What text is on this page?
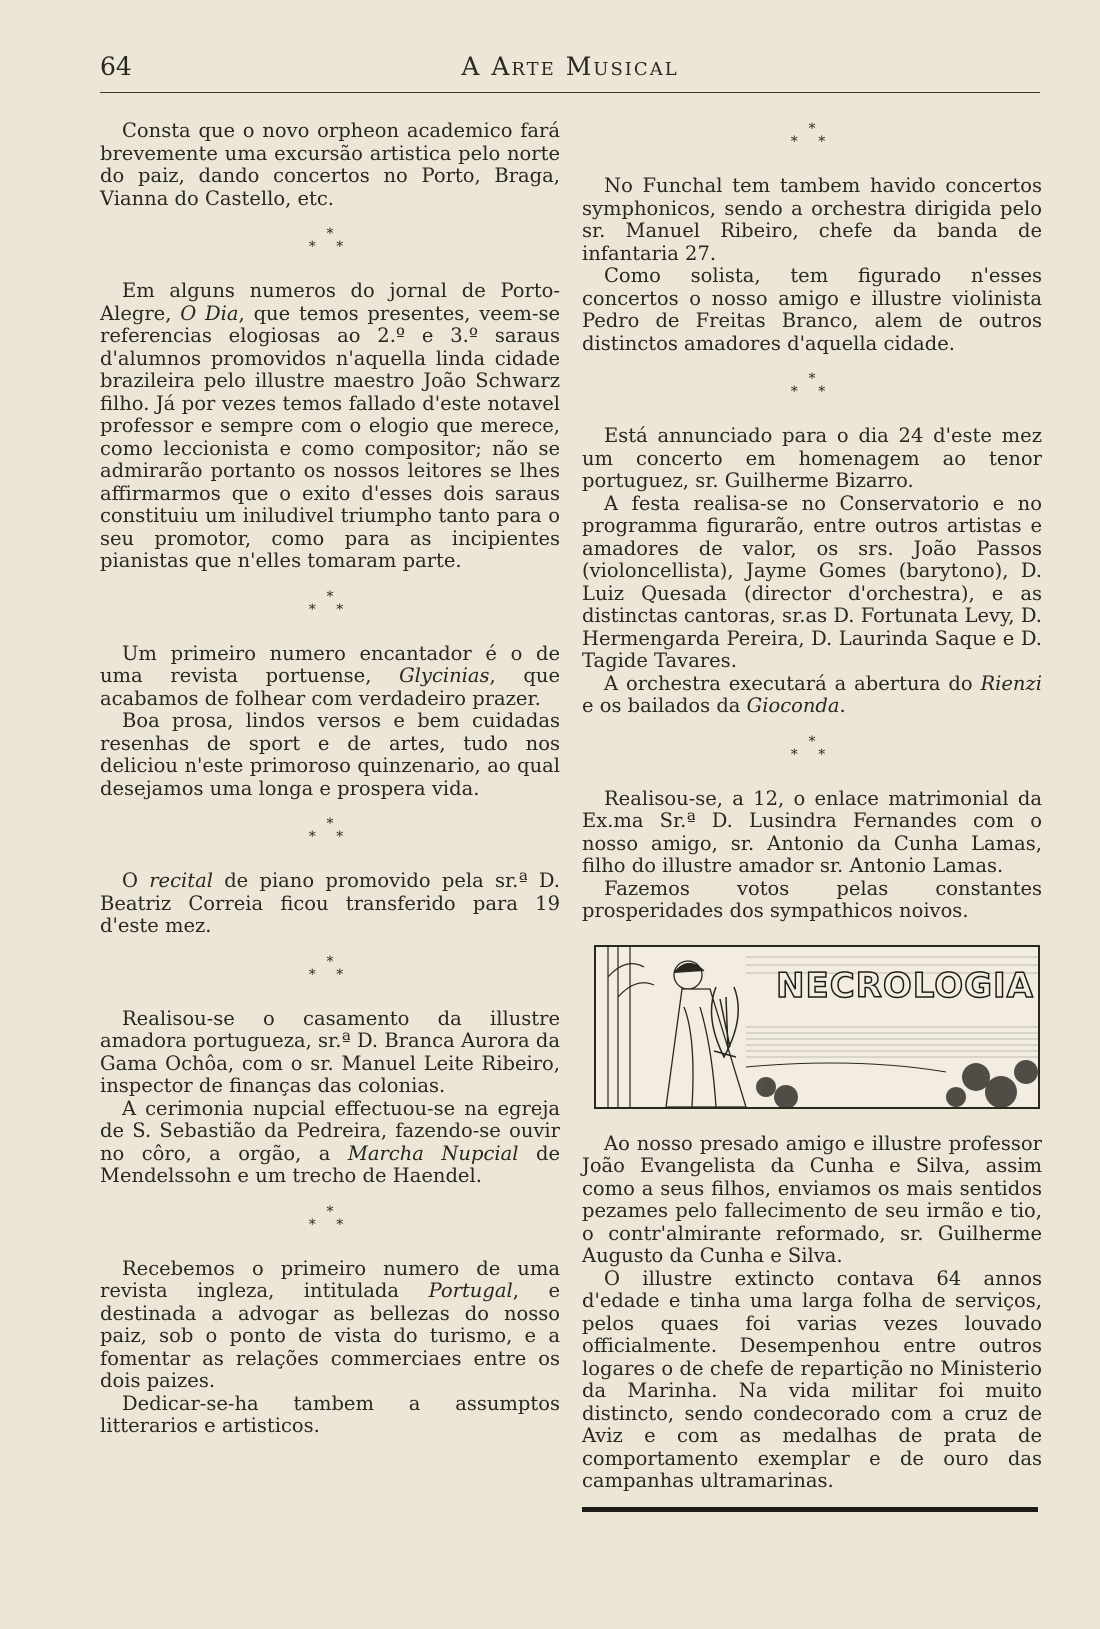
64	A Arte Musical

Consta que o novo orpheon academico fará brevemente uma excursão artistica pelo norte do paiz, dando concertos no Porto, Braga, Vianna do Castello, etc.

*
* *

Em alguns numeros do jornal de Porto-Alegre, O Dia, que temos presentes, veem-se referencias elogiosas ao 2.º e 3.º saraus d'alumnos promovidos n'aquella linda cidade brazileira pelo illustre maestro João Schwarz filho. Já por vezes temos fallado d'este notavel professor e sempre com o elogio que merece, como leccionista e como compositor; não se admirarão portanto os nossos leitores se lhes affirmarmos que o exito d'esses dois saraus constituiu um iniludivel triumpho tanto para o seu promotor, como para as incipientes pianistas que n'elles tomaram parte.

*
* *

Um primeiro numero encantador é o de uma revista portuense, Glycinias, que acabamos de folhear com verdadeiro prazer.

Boa prosa, lindos versos e bem cuidadas resenhas de sport e de artes, tudo nos deliciou n'este primoroso quinzenario, ao qual desejamos uma longa e prospera vida.

*
* *

O recital de piano promovido pela sr.ª D. Beatriz Correia ficou transferido para 19 d'este mez.

*
* *

Realisou-se o casamento da illustre amadora portugueza, sr.ª D. Branca Aurora da Gama Ochôa, com o sr. Manuel Leite Ribeiro, inspector de finanças das colonias.

A cerimonia nupcial effectuou-se na egreja de S. Sebastião da Pedreira, fazendo-se ouvir no côro, a orgão, a Marcha Nupcial de Mendelssohn e um trecho de Haendel.

*
* *

Recebemos o primeiro numero de uma revista ingleza, intitulada Portugal, e destinada a advogar as bellezas do nosso paiz, sob o ponto de vista do turismo, e a fomentar as relações commerciaes entre os dois paizes.

Dedicar-se-ha tambem a assumptos litterarios e artisticos.

*
* *

No Funchal tem tambem havido concertos symphonicos, sendo a orchestra dirigida pelo sr. Manuel Ribeiro, chefe da banda de infantaria 27.

Como solista, tem figurado n'esses concertos o nosso amigo e illustre violinista Pedro de Freitas Branco, alem de outros distinctos amadores d'aquella cidade.

*
* *

Está annunciado para o dia 24 d'este mez um concerto em homenagem ao tenor portuguez, sr. Guilherme Bizarro.

A festa realisa-se no Conservatorio e no programma figurarão, entre outros artistas e amadores de valor, os srs. João Passos (violoncellista), Jayme Gomes (barytono), D. Luiz Quesada (director d'orchestra), e as distinctas cantoras, sr.as D. Fortunata Levy, D. Hermengarda Pereira, D. Laurinda Saque e D. Tagide Tavares.

A orchestra executará a abertura do Rienzi e os bailados da Gioconda.

*
* *

Realisou-se, a 12, o enlace matrimonial da Ex.ma Sr.ª D. Lusindra Fernandes com o nosso amigo, sr. Antonio da Cunha Lamas, filho do illustre amador sr. Antonio Lamas.

Fazemos votos pelas constantes prosperidades dos sympathicos noivos.

NECROLOGIA

Ao nosso presado amigo e illustre professor João Evangelista da Cunha e Silva, assim como a seus filhos, enviamos os mais sentidos pezames pelo fallecimento de seu irmão e tio, o contr'almirante reformado, sr. Guilherme Augusto da Cunha e Silva.

O illustre extincto contava 64 annos d'edade e tinha uma larga folha de serviços, pelos quaes foi varias vezes louvado officialmente. Desempenhou entre outros logares o de chefe de repartição no Ministerio da Marinha. Na vida militar foi muito distincto, sendo condecorado com a cruz de Aviz e com as medalhas de prata de comportamento exemplar e de ouro das campanhas ultramarinas.
